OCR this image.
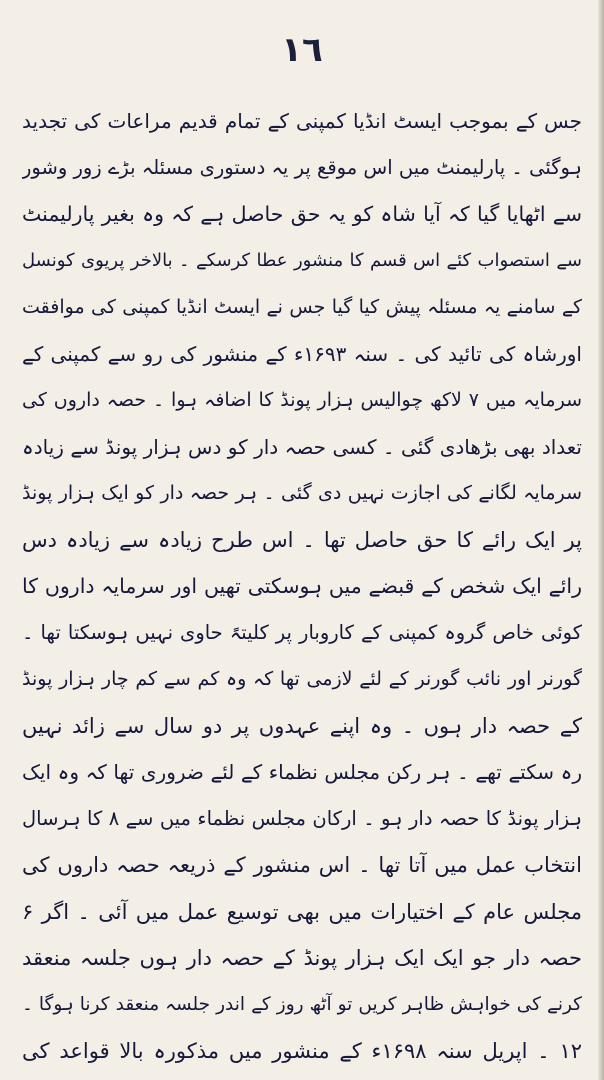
١٦
جس کے بموجب ایسٹ انڈیا کمپنی کے تمام قدیم مراعات کی تجدید
ہوگئی ۔ پارلیمنٹ میں اس موقع پر یہ دستوری مسئلہ بڑے زور وشور
سے اٹھایا گیا کہ آیا شاہ کو یہ حق حاصل ہے کہ وہ بغیر پارلیمنٹ
سے استصواب کئے اس قسم کا منشور عطا کرسکے ۔ بالاخر پریوی کونسل
کے سامنے یہ مسئلہ پیش کیا گیا جس نے ایسٹ انڈیا کمپنی کی موافقت
اورشاہ کی تائید کی ۔ سنہ ۱۶۹۳ء کے منشور کی رو سے کمپنی کے
سرمایہ میں ۷ لاکھ چوالیس ہزار پونڈ کا اضافہ ہوا ۔ حصہ داروں کی
تعداد بھی بڑھادی گئی ۔ کسی حصہ دار کو دس ہزار پونڈ سے زیادہ
سرمایہ لگانے کی اجازت نہیں دی گئی ۔ ہر حصہ دار کو ایک ہزار پونڈ
پر ایک رائے کا حق حاصل تھا ۔ اس طرح زیادہ سے زیادہ دس
رائے ایک شخص کے قبضے میں ہوسکتی تھیں اور سرمایہ داروں کا
کوئی خاص گروہ کمپنی کے کاروبار پر کلیتہً حاوی نہیں ہوسکتا تھا ۔
گورنر اور نائب گورنر کے لئے لازمی تھا کہ وہ کم سے کم چار ہزار پونڈ
کے حصہ دار ہوں ۔ وہ اپنے عہدوں پر دو سال سے زائد نہیں
رہ سکتے تھے ۔ ہر رکن مجلس نظماء کے لئے ضروری تھا کہ وہ ایک
ہزار پونڈ کا حصہ دار ہو ۔ ارکان مجلس نظماء میں سے ۸ کا ہرسال
انتخاب عمل میں آتا تھا ۔ اس منشور کے ذریعہ حصہ داروں کی
مجلس عام کے اختیارات میں بھی توسیع عمل میں آئی ۔ اگر ۶
حصہ دار جو ایک ایک ہزار پونڈ کے حصہ دار ہوں جلسہ منعقد
کرنے کی خواہش ظاہر کریں تو آٹھ روز کے اندر جلسہ منعقد کرنا ہوگا ۔
۱۲ ۔ اپریل سنہ ۱۶۹۸ء کے منشور میں مذکورہ بالا قواعد کی
